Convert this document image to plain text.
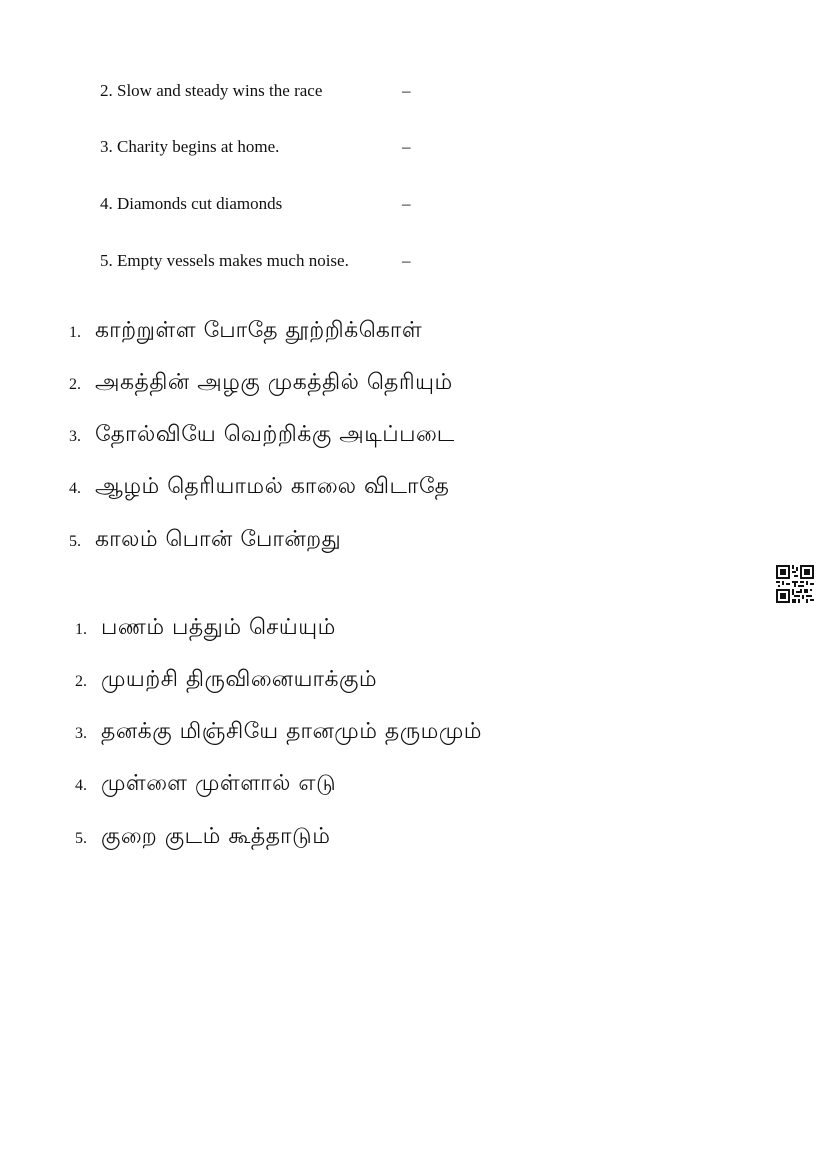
2. Slow and steady wins the race	–
3. Charity begins at home.	–
4. Diamonds cut diamonds	–
5. Empty vessels makes much noise.	–
1. காற்றுள்ள போதே தூற்றிக்கொள்
2. அகத்தின் அழகு முகத்தில் தெரியும்
3. தோல்வியே வெற்றிக்கு அடிப்படை
4. ஆழம் தெரியாமல் காலை விடாதே
5. காலம் பொன் போன்றது
1. பணம் பத்தும் செய்யும்
2. முயற்சி திருவினையாக்கும்
3. தனக்கு மிஞ்சியே தானமும் தருமமும்
4. முள்ளை முள்ளால் எடு
5. குறை குடம் கூத்தாடும்
